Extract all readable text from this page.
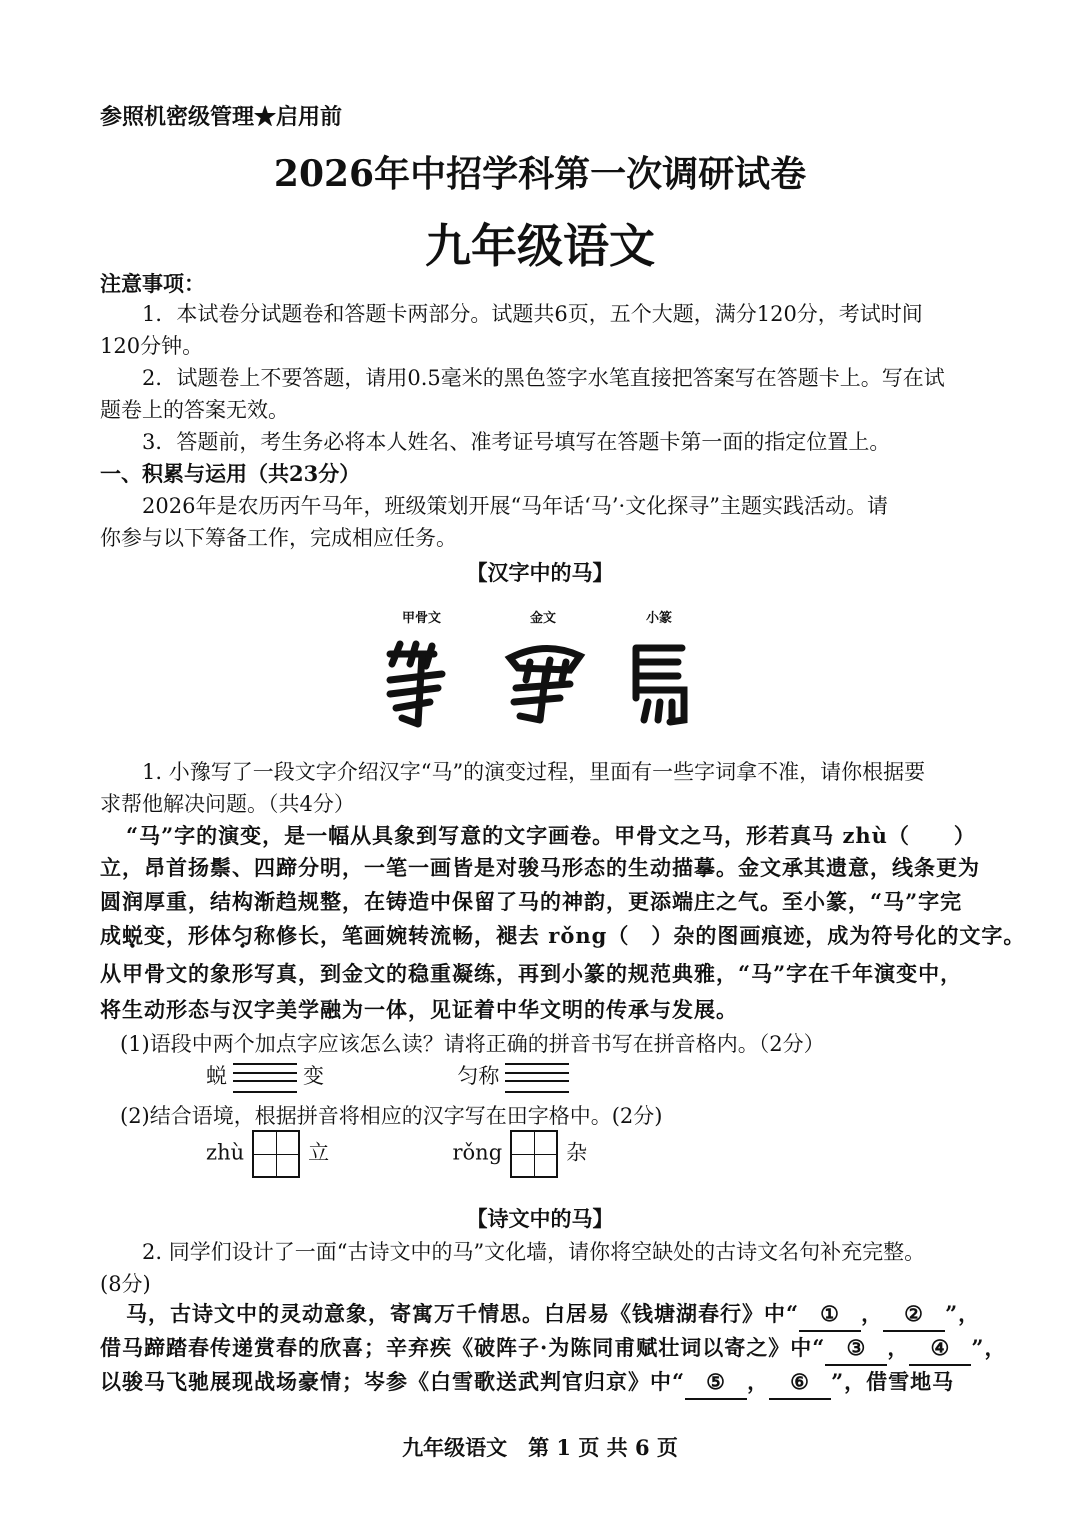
参照机密级管理★启用前
2026年中招学科第一次调研试卷
九年级语文
注意事项：
1．本试卷分试题卷和答题卡两部分。试题共6页，五个大题，满分120分，考试时间
120分钟。
2．试题卷上不要答题，请用0.5毫米的黑色签字水笔直接把答案写在答题卡上。写在试
题卷上的答案无效。
3．答题前，考生务必将本人姓名、准考证号填写在答题卡第一面的指定位置上。
一、积累与运用（共23分）
2026年是农历丙午马年，班级策划开展“马年话‘马’·文化探寻”主题实践活动。请
你参与以下筹备工作，完成相应任务。
【汉字中的马】
甲骨文	金文	小篆
1. 小豫写了一段文字介绍汉字“马”的演变过程，里面有一些字词拿不准，请你根据要
求帮他解决问题。（共4分）
“马”字的演变，是一幅从具象到写意的文字画卷。甲骨文之马，形若真马 zhù（　　）
立，昂首扬鬃、四蹄分明，一笔一画皆是对骏马形态的生动描摹。金文承其遗意，线条更为
圆润厚重，结构渐趋规整，在铸造中保留了马的神韵，更添端庄之气。至小篆，“马”字完
成蜕变，形体匀称修长，笔画婉转流畅，褪去 rǒng（　）杂的图画痕迹，成为符号化的文字。
从甲骨文的象形写真，到金文的稳重凝练，再到小篆的规范典雅，“马”字在千年演变中，
将生动形态与汉字美学融为一体，见证着中华文明的传承与发展。
(1)语段中两个加点字应该怎么读？请将正确的拼音书写在拼音格内。（2分）
蜕	变	匀称
(2)结合语境，根据拼音将相应的汉字写在田字格中。(2分)
zhù	立	rǒng	杂
【诗文中的马】
2. 同学们设计了一面“古诗文中的马”文化墙，请你将空缺处的古诗文名句补充完整。
(8分)
马，古诗文中的灵动意象，寄寓万千情思。白居易《钱塘湖春行》中“ ① ， ② ”，
借马蹄踏春传递赏春的欣喜；辛弃疾《破阵子·为陈同甫赋壮词以寄之》中“ ③ ， ④ ”，
以骏马飞驰展现战场豪情；岑参《白雪歌送武判官归京》中“ ⑤ ， ⑥ ”，借雪地马
九年级语文　第 1 页 共 6 页
